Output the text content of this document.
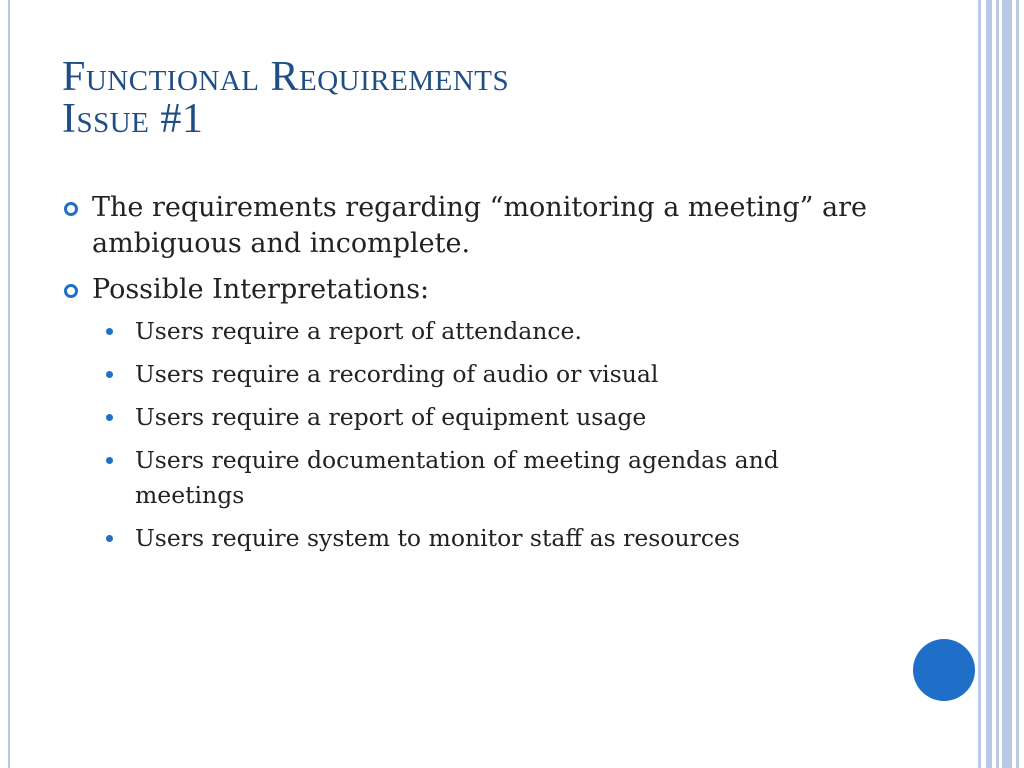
Functional Requirements
Issue #1
The requirements regarding “monitoring a meeting” are ambiguous and incomplete.
Possible Interpretations:
Users require a report of attendance.
Users require a recording of audio or visual
Users require a report of equipment usage
Users require documentation of meeting agendas and meetings
Users require system to monitor staff as resources
